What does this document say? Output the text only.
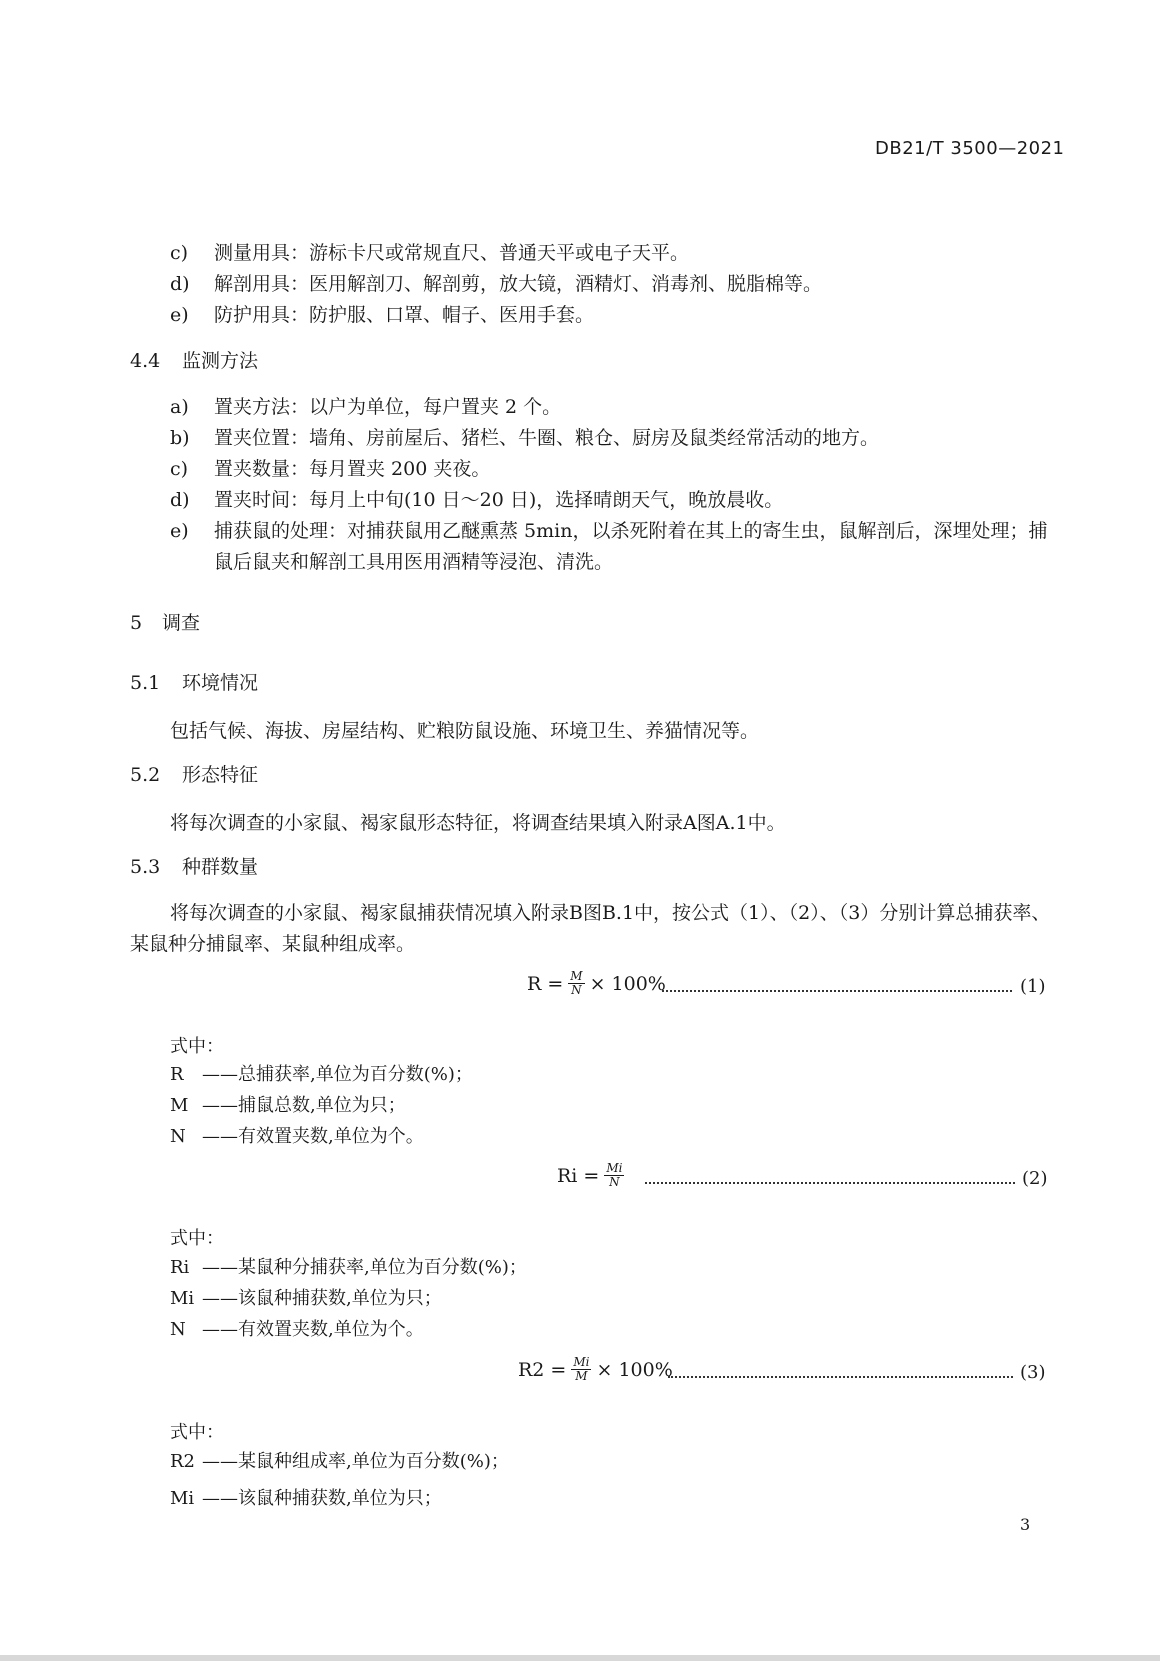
DB21/T 3500—2021
c) 测量用具：游标卡尺或常规直尺、普通天平或电子天平。
d) 解剖用具：医用解剖刀、解剖剪，放大镜，酒精灯、消毒剂、脱脂棉等。
e) 防护用具：防护服、口罩、帽子、医用手套。
4.4 监测方法
a) 置夹方法：以户为单位，每户置夹 2 个。
b) 置夹位置：墙角、房前屋后、猪栏、牛圈、粮仓、厨房及鼠类经常活动的地方。
c) 置夹数量：每月置夹 200 夹夜。
d) 置夹时间：每月上中旬(10 日～20 日)，选择晴朗天气，晚放晨收。
e)	捕获鼠的处理：对捕获鼠用乙醚熏蒸 5min，以杀死附着在其上的寄生虫，鼠解剖后，深埋处理；捕鼠后鼠夹和解剖工具用医用酒精等浸泡、清洗。
5 调查
5.1 环境情况
包括气候、海拔、房屋结构、贮粮防鼠设施、环境卫生、养猫情况等。
5.2 形态特征
将每次调查的小家鼠、褐家鼠形态特征，将调查结果填入附录A图A.1中。
5.3 种群数量
将每次调查的小家鼠、褐家鼠捕获情况填入附录B图B.1中，按公式（1）、（2）、（3）分别计算总捕获率、某鼠种分捕鼠率、某鼠种组成率。
$R = \frac{M}{N} \times 100\%$	(1)
式中：
R ——总捕获率,单位为百分数(%)；
M ——捕鼠总数,单位为只；
N ——有效置夹数,单位为个。
$Ri = \frac{Mi}{N}$	(2)
式中：
Ri ——某鼠种分捕获率,单位为百分数(%)；
Mi ——该鼠种捕获数,单位为只；
N ——有效置夹数,单位为个。
$R2 = \frac{Mi}{M} \times 100\%$	(3)
式中：
R2 ——某鼠种组成率,单位为百分数(%)；
Mi ——该鼠种捕获数,单位为只；
3
